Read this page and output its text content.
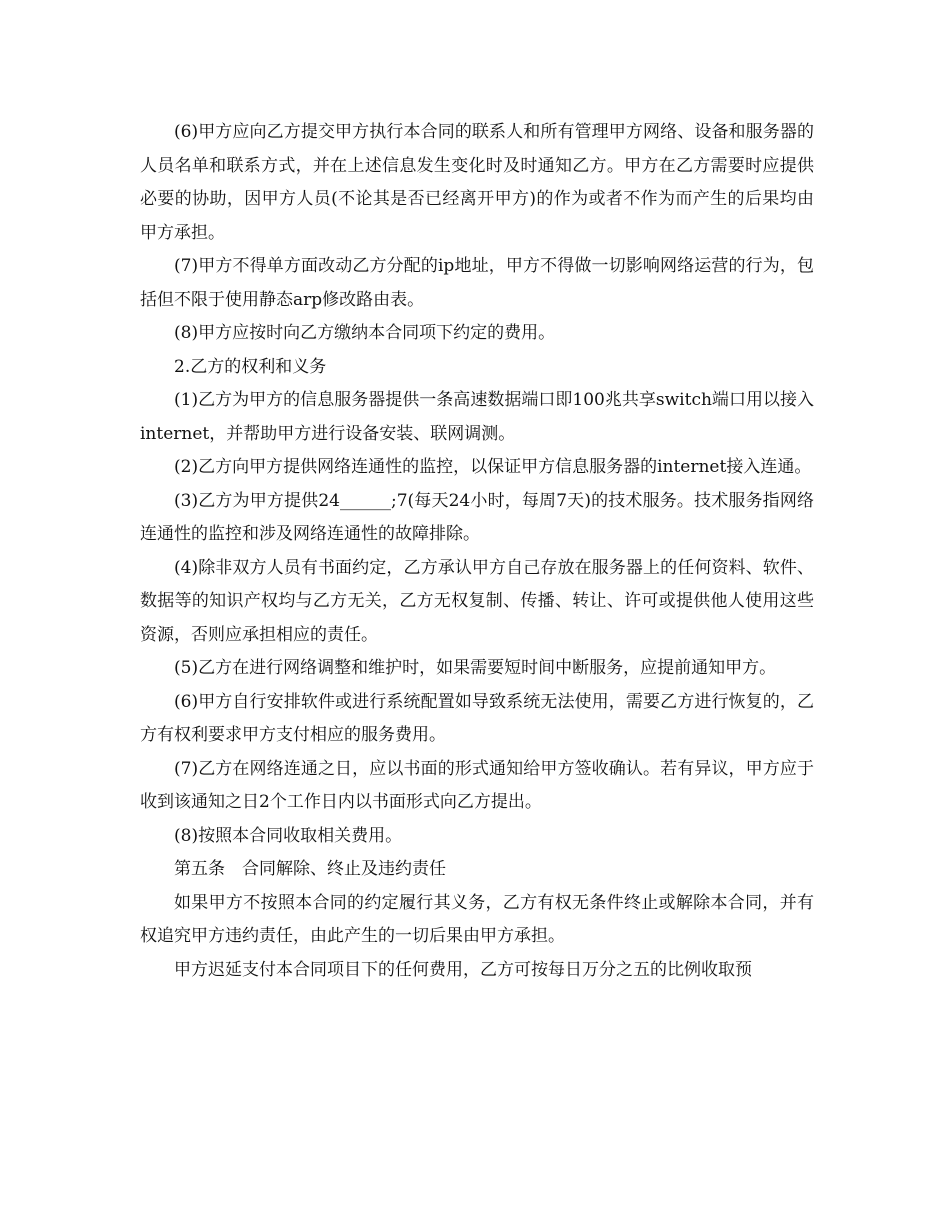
(6)甲方应向乙方提交甲方执行本合同的联系人和所有管理甲方网络、设备和服务器的人员名单和联系方式，并在上述信息发生变化时及时通知乙方。甲方在乙方需要时应提供必要的协助，因甲方人员(不论其是否已经离开甲方)的作为或者不作为而产生的后果均由甲方承担。

(7)甲方不得单方面改动乙方分配的ip地址，甲方不得做一切影响网络运营的行为，包括但不限于使用静态arp修改路由表。

(8)甲方应按时向乙方缴纳本合同项下约定的费用。

2.乙方的权利和义务

(1)乙方为甲方的信息服务器提供一条高速数据端口即100兆共享switch端口用以接入internet，并帮助甲方进行设备安装、联网调测。

(2)乙方向甲方提供网络连通性的监控，以保证甲方信息服务器的internet接入连通。

(3)乙方为甲方提供24______;7(每天24小时，每周7天)的技术服务。技术服务指网络连通性的监控和涉及网络连通性的故障排除。

(4)除非双方人员有书面约定，乙方承认甲方自己存放在服务器上的任何资料、软件、数据等的知识产权均与乙方无关，乙方无权复制、传播、转让、许可或提供他人使用这些资源，否则应承担相应的责任。

(5)乙方在进行网络调整和维护时，如果需要短时间中断服务，应提前通知甲方。

(6)甲方自行安排软件或进行系统配置如导致系统无法使用，需要乙方进行恢复的，乙方有权利要求甲方支付相应的服务费用。

(7)乙方在网络连通之日，应以书面的形式通知给甲方签收确认。若有异议，甲方应于收到该通知之日2个工作日内以书面形式向乙方提出。

(8)按照本合同收取相关费用。

第五条　合同解除、终止及违约责任

如果甲方不按照本合同的约定履行其义务，乙方有权无条件终止或解除本合同，并有权追究甲方违约责任，由此产生的一切后果由甲方承担。

甲方迟延支付本合同项目下的任何费用，乙方可按每日万分之五的比例收取预
